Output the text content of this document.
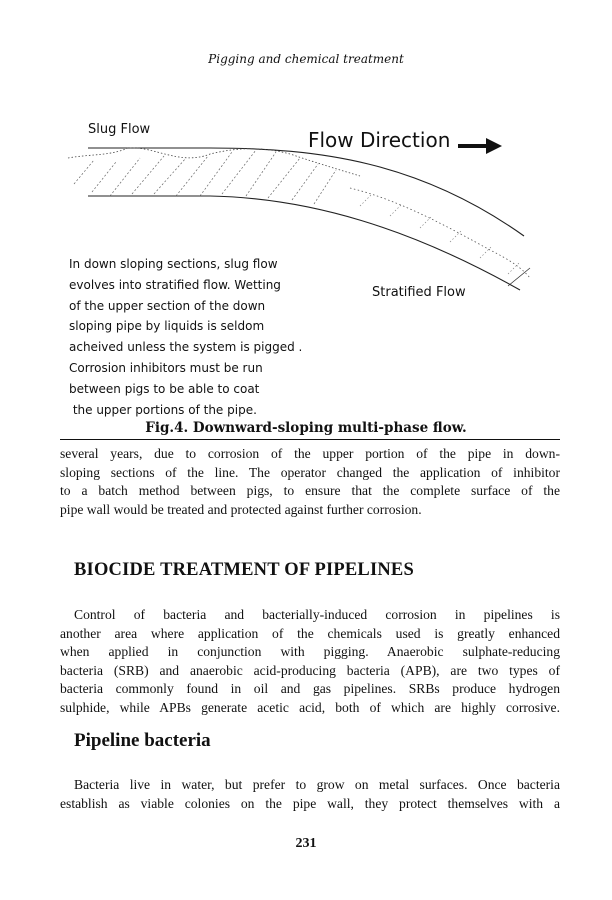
Pigging and chemical treatment
Slug Flow	Flow Direction
Stratified Flow

In down sloping sections, slug flow
evolves into stratified flow. Wetting
of the upper section of the down
sloping pipe by liquids is seldom
acheived unless the system is pigged .
Corrosion inhibitors must be run
between pigs to be able to coat
the upper portions of the pipe.

Fig.4. Downward-sloping multi-phase flow.

several years, due to corrosion of the upper portion of the pipe in down-
sloping sections of the line. The operator changed the application of inhibitor
to a batch method between pigs, to ensure that the complete surface of the
pipe wall would be treated and protected against further corrosion.

BIOCIDE TREATMENT OF PIPELINES

Control of bacteria and bacterially-induced corrosion in pipelines is
another area where application of the chemicals used is greatly enhanced
when applied in conjunction with pigging. Anaerobic sulphate-reducing
bacteria (SRB) and anaerobic acid-producing bacteria (APB), are two types of
bacteria commonly found in oil and gas pipelines. SRBs produce hydrogen
sulphide, while APBs generate acetic acid, both of which are highly corrosive.

Pipeline bacteria

Bacteria live in water, but prefer to grow on metal surfaces. Once bacteria
establish as viable colonies on the pipe wall, they protect themselves with a

231
